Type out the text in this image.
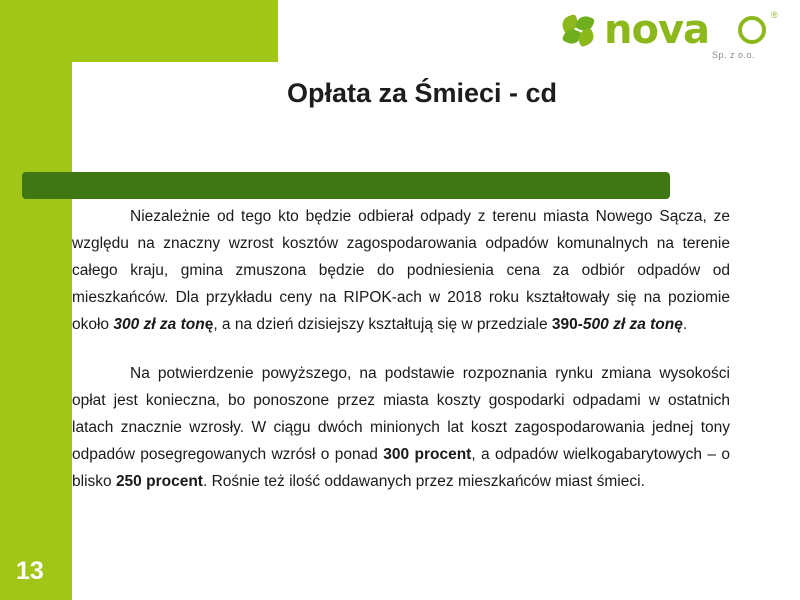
nova	®
Sp. z o.o.
Opłata za Śmieci - cd

Niezależnie od tego kto będzie odbierał odpady z terenu miasta Nowego Sącza, ze względu na znaczny wzrost kosztów zagospodarowania odpadów komunalnych na terenie całego kraju, gmina zmuszona będzie do podniesienia cena za odbiór odpadów od mieszkańców. Dla przykładu ceny na RIPOK-ach w 2018 roku kształtowały się na poziomie około 300 zł za tonę, a na dzień dzisiejszy kształtują się w przedziale 390-500 zł za tonę.

Na potwierdzenie powyższego, na podstawie rozpoznania rynku zmiana wysokości opłat jest konieczna, bo ponoszone przez miasta koszty gospodarki odpadami w ostatnich latach znacznie wzrosły. W ciągu dwóch minionych lat koszt zagospodarowania jednej tony odpadów posegregowanych wzrósł o ponad 300 procent, a odpadów wielkogabarytowych – o blisko 250 procent. Rośnie też ilość oddawanych przez mieszkańców miast śmieci.

13
